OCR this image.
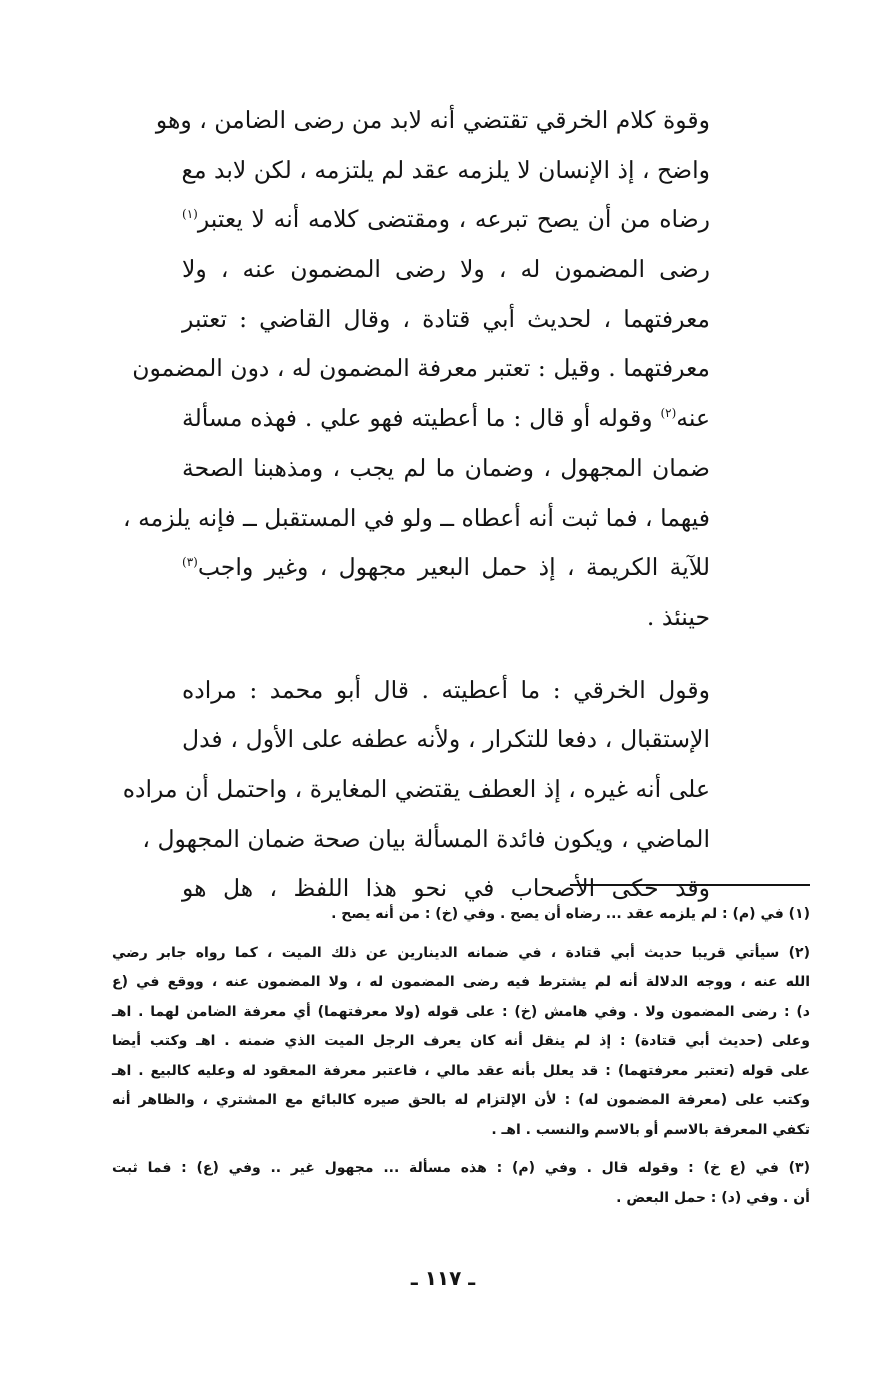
وقوة كلام الخرقي تقتضي أنه لابد من رضى الضامن ، وهو
واضح ، إذ الإنسان لا يلزمه عقد لم يلتزمه ، لكن لابد مع
رضاه من أن يصح تبرعه ، ومقتضى كلامه أنه لا يعتبر$^{(١)}$
رضى المضمون له ، ولا رضى المضمون عنه ، ولا
معرفتهما ، لحديث أبي قتادة ، وقال القاضي : تعتبر
معرفتهما . وقيل : تعتبر معرفة المضمون له ، دون المضمون
عنه$^{(٢)}$ وقوله أو قال : ما أعطيته فهو علي . فهذه مسألة
ضمان المجهول ، وضمان ما لم يجب ، ومذهبنا الصحة
فيهما ، فما ثبت أنه أعطاه ــ ولو في المستقبل ــ فإنه يلزمه ،
للآية الكريمة ، إذ حمل البعير مجهول ، وغير واجب$^{(٣)}$
حينئذ .
وقول الخرقي : ما أعطيته . قال أبو محمد : مراده
الإستقبال ، دفعا للتكرار ، ولأنه عطفه على الأول ، فدل
على أنه غيره ، إذ العطف يقتضي المغايرة ، واحتمل أن مراده
الماضي ، ويكون فائدة المسألة بيان صحة ضمان المجهول ،
وقد حكى الأصحاب في نحو هذا اللفظ ، هل هو
(١) في (م) : لم يلزمه عقد ... رضاه أن يصح . وفي (خ) : من أنه يصح .
(٢) سيأتي قريبا حديث أبي قتادة ، في ضمانه الدينارين عن ذلك الميت ، كما رواه جابر رضي
الله عنه ، ووجه الدلالة أنه لم يشترط فيه رضى المضمون له ، ولا المضمون عنه ، ووقع في (ع
د) : رضى المضمون ولا . وفي هامش (خ) : على قوله (ولا معرفتهما) أي معرفة الضامن لهما . اهـ
وعلى (حديث أبي قتادة) : إذ لم ينقل أنه كان يعرف الرجل الميت الذي ضمنه . اهـ وكتب أيضا
على قوله (تعتبر معرفتهما) : قد يعلل بأنه عقد مالي ، فاعتبر معرفة المعقود له وعليه كالبيع . اهـ
وكتب على (معرفة المضمون له) : لأن الإلتزام له بالحق صيره كالبائع مع المشتري ، والظاهر أنه
تكفي المعرفة بالاسم أو بالاسم والنسب . اهـ .
(٣) في (ع خ) : وقوله قال . وفي (م) : هذه مسألة ... مجهول غير .. وفي (ع) : فما ثبت
أن . وفي (د) : حمل البعض .
ـ ١١٧ ـ
